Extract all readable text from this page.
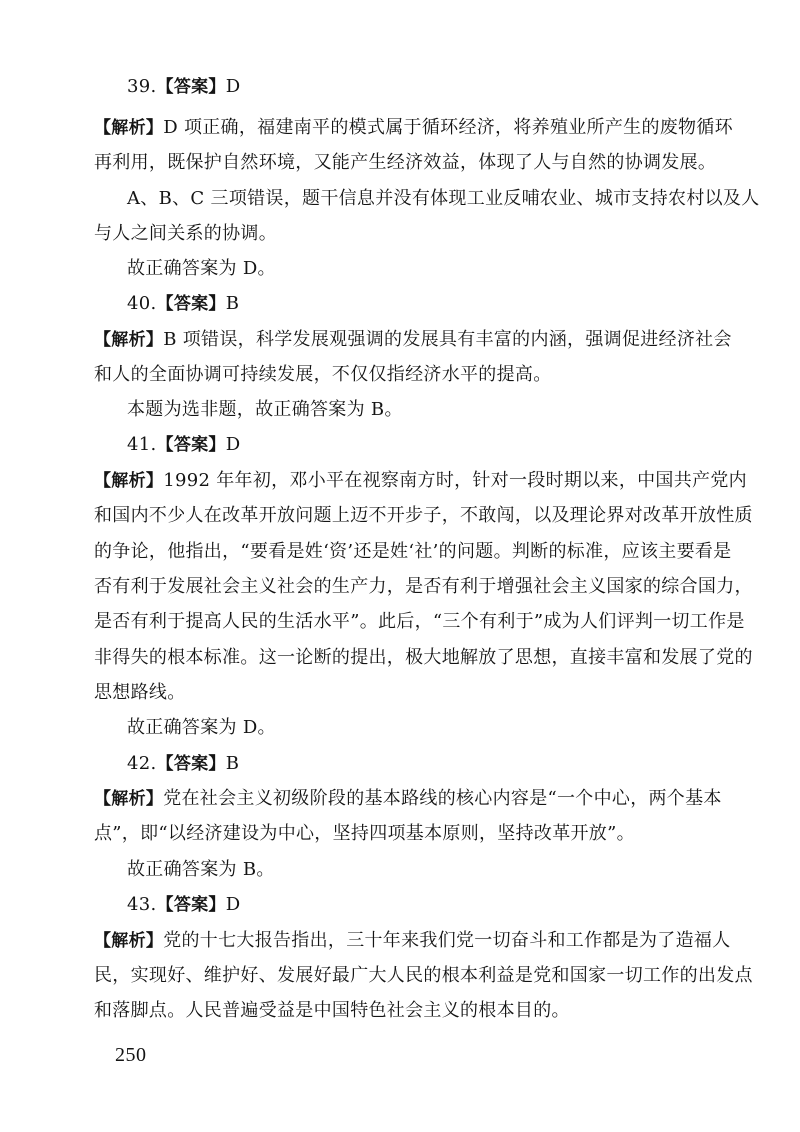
39.【答案】D
【解析】D 项正确，福建南平的模式属于循环经济，将养殖业所产生的废物循环
再利用，既保护自然环境，又能产生经济效益，体现了人与自然的协调发展。
A、B、C 三项错误，题干信息并没有体现工业反哺农业、城市支持农村以及人
与人之间关系的协调。
故正确答案为 D。
40.【答案】B
【解析】B 项错误，科学发展观强调的发展具有丰富的内涵，强调促进经济社会
和人的全面协调可持续发展，不仅仅指经济水平的提高。
本题为选非题，故正确答案为 B。
41.【答案】D
【解析】1992 年年初，邓小平在视察南方时，针对一段时期以来，中国共产党内
和国内不少人在改革开放问题上迈不开步子，不敢闯，以及理论界对改革开放性质
的争论，他指出，“要看是姓‘资’还是姓‘社’的问题。判断的标准，应该主要看是
否有利于发展社会主义社会的生产力，是否有利于增强社会主义国家的综合国力，
是否有利于提高人民的生活水平”。此后，“三个有利于”成为人们评判一切工作是
非得失的根本标准。这一论断的提出，极大地解放了思想，直接丰富和发展了党的
思想路线。
故正确答案为 D。
42.【答案】B
【解析】党在社会主义初级阶段的基本路线的核心内容是“一个中心，两个基本
点”，即“以经济建设为中心，坚持四项基本原则，坚持改革开放”。
故正确答案为 B。
43.【答案】D
【解析】党的十七大报告指出，三十年来我们党一切奋斗和工作都是为了造福人
民，实现好、维护好、发展好最广大人民的根本利益是党和国家一切工作的出发点
和落脚点。人民普遍受益是中国特色社会主义的根本目的。
250
